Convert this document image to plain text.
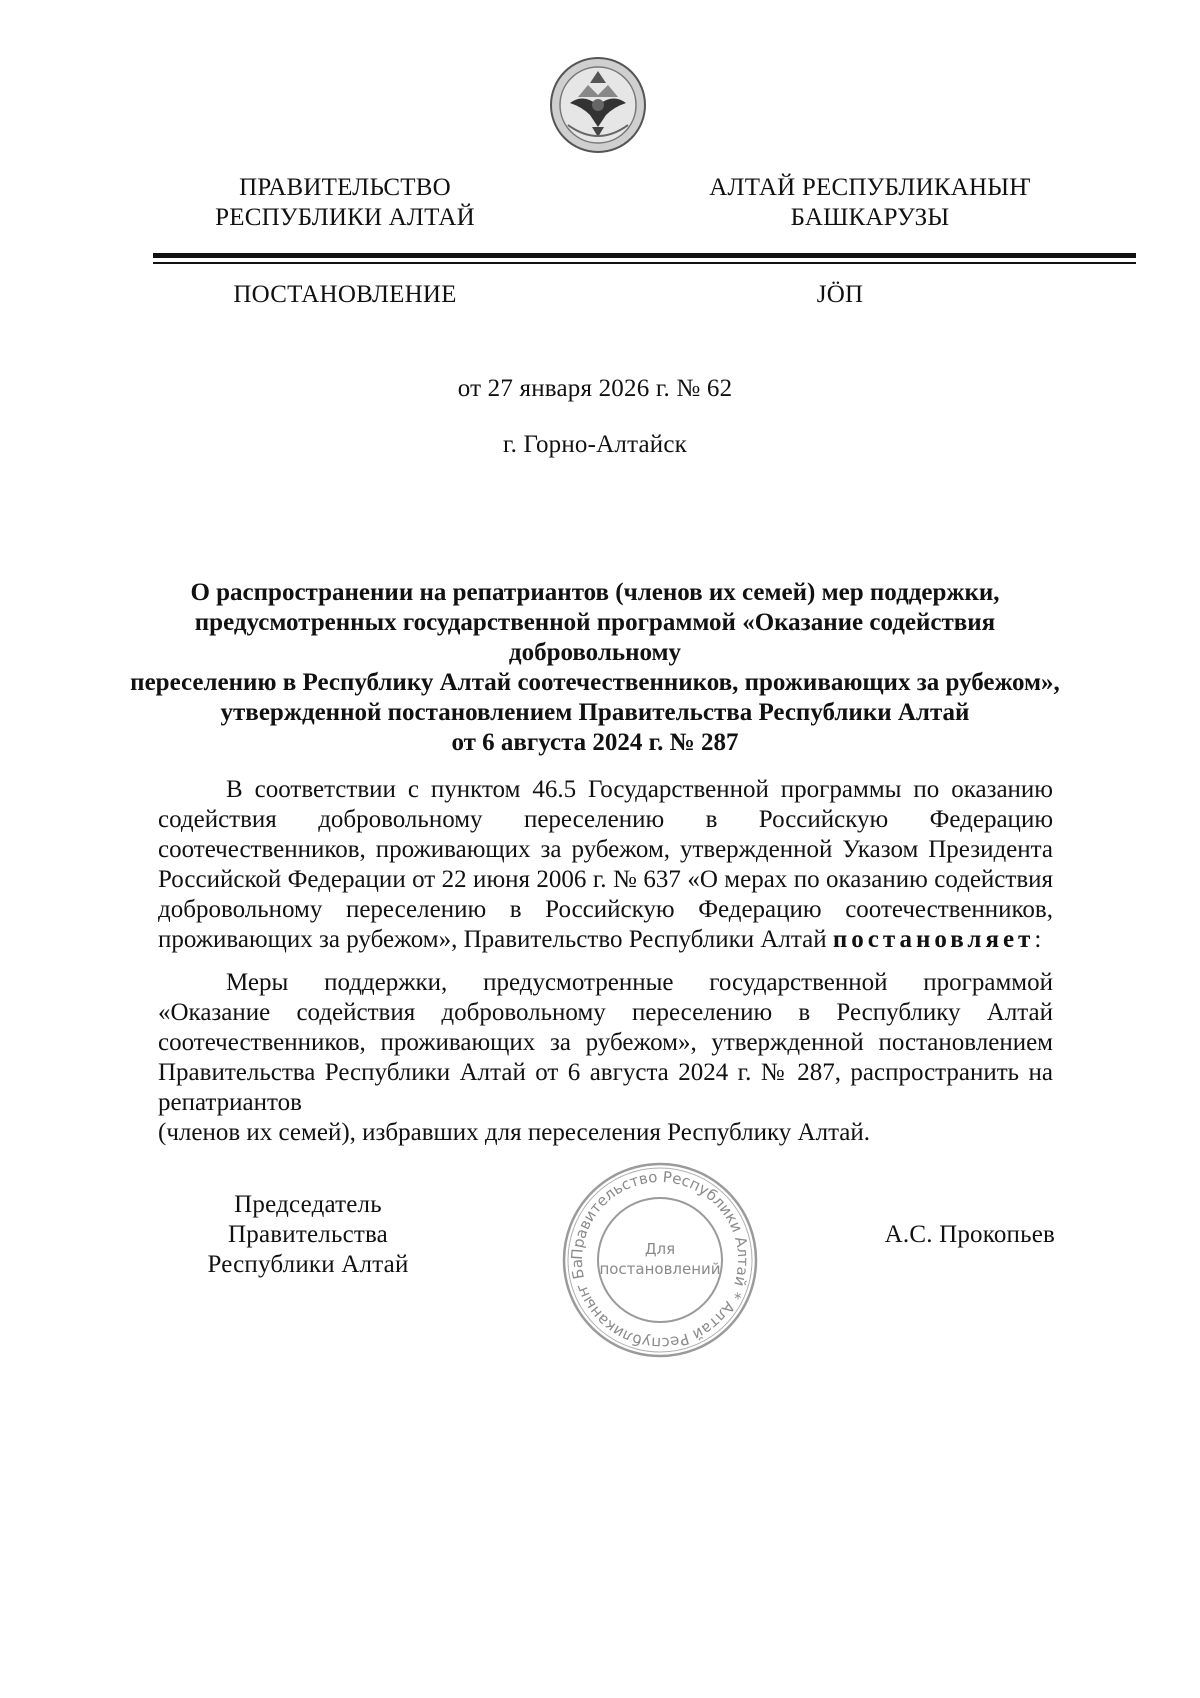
ПРАВИТЕЛЬСТВО
РЕСПУБЛИКИ АЛТАЙ
АЛТАЙ РЕСПУБЛИКАНЫҤ
БАШКАРУЗЫ
ПОСТАНОВЛЕНИЕ	JÖП
от 27 января 2026 г. № 62
г. Горно-Алтайск
О распространении на репатриантов (членов их семей) мер поддержки,
предусмотренных государственной программой «Оказание содействия добровольному
переселению в Республику Алтай соотечественников, проживающих за рубежом»,
утвержденной постановлением Правительства Республики Алтай
от 6 августа 2024 г. № 287

В соответствии с пунктом 46.5 Государственной программы по оказанию содействия добровольному переселению в Российскую Федерацию соотечественников, проживающих за рубежом, утвержденной Указом Президента Российской Федерации от 22 июня 2006 г. № 637 «О мерах по оказанию содействия добровольному переселению в Российскую Федерацию соотечественников,

проживающих за рубежом», Правительство Республики Алтай постановляет:

Меры поддержки, предусмотренные государственной программой «Оказание содействия добровольному переселению в Республику Алтай соотечественников, проживающих за рубежом», утвержденной постановлением Правительства Республики Алтай от 6 августа 2024 г. № 287, распространить на репатриантов

(членов их семей), избравших для переселения Республику Алтай.
Председатель Правительства
Республики Алтай
А.С. Прокопьев
Правительство Республики Алтай * Алтай Республиканыҥ Ба
Для
постановлений
